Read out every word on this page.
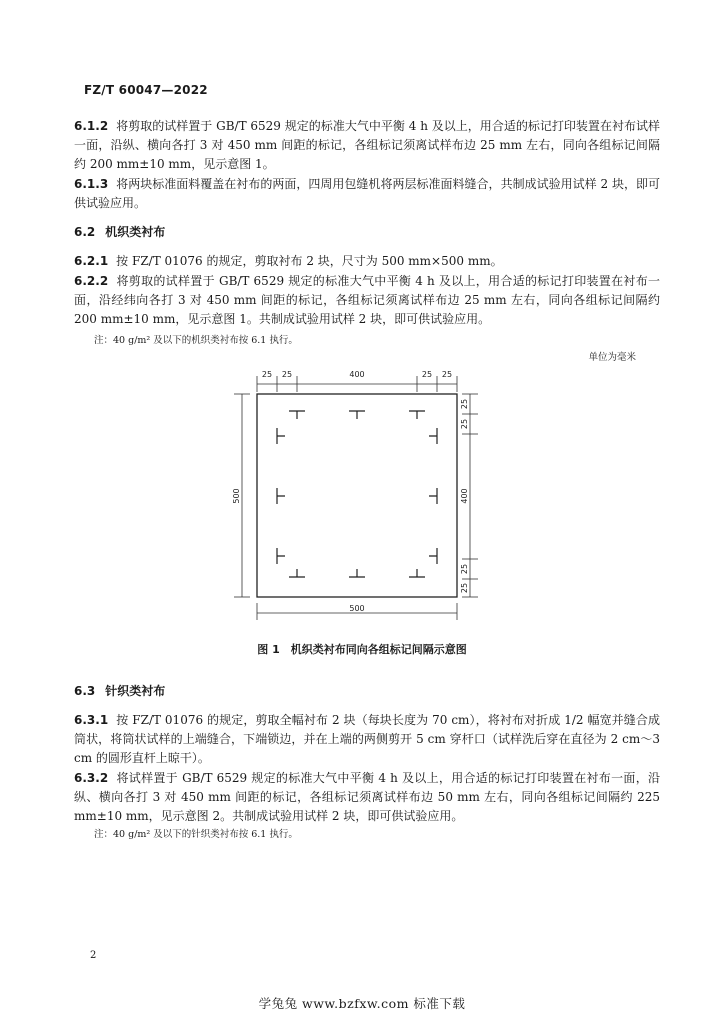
FZ/T 60047—2022
6.1.2 将剪取的试样置于 GB/T 6529 规定的标准大气中平衡 4 h 及以上，用合适的标记打印装置在衬布试样一面，沿纵、横向各打 3 对 450 mm 间距的标记，各组标记须离试样布边 25 mm 左右，同向各组标记间隔约 200 mm±10 mm，见示意图 1。
6.1.3 将两块标准面料覆盖在衬布的两面，四周用包缝机将两层标准面料缝合，共制成试验用试样 2 块，即可供试验应用。
6.2 机织类衬布
6.2.1 按 FZ/T 01076 的规定，剪取衬布 2 块，尺寸为 500 mm×500 mm。
6.2.2 将剪取的试样置于 GB/T 6529 规定的标准大气中平衡 4 h 及以上，用合适的标记打印装置在衬布一面，沿经纬向各打 3 对 450 mm 间距的标记，各组标记须离试样布边 25 mm 左右，同向各组标记间隔约 200 mm±10 mm，见示意图 1。共制成试验用试样 2 块，即可供试验应用。
注：40 g/m² 及以下的机织类衬布按 6.1 执行。
单位为毫米
25 25	400	25 25
25
25
400
25
25
500
500
图 1　机织类衬布同向各组标记间隔示意图
6.3 针织类衬布
6.3.1 按 FZ/T 01076 的规定，剪取全幅衬布 2 块（每块长度为 70 cm），将衬布对折成 1/2 幅宽并缝合成筒状，将筒状试样的上端缝合，下端锁边，并在上端的两侧剪开 5 cm 穿杆口（试样洗后穿在直径为 2 cm～3 cm 的圆形直杆上晾干）。
6.3.2 将试样置于 GB/T 6529 规定的标准大气中平衡 4 h 及以上，用合适的标记打印装置在衬布一面，沿纵、横向各打 3 对 450 mm 间距的标记，各组标记须离试样布边 50 mm 左右，同向各组标记间隔约 225 mm±10 mm，见示意图 2。共制成试验用试样 2 块，即可供试验应用。
注：40 g/m² 及以下的针织类衬布按 6.1 执行。
2
学兔兔 www.bzfxw.com 标准下载
